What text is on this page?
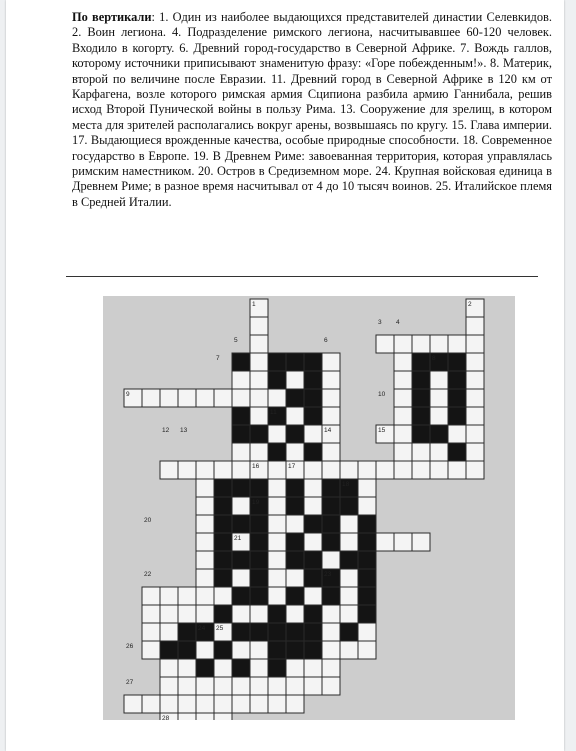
По вертикали: 1. Один из наиболее выдающихся представителей династии Селевкидов. 2. Воин легиона. 4. Подразделение римского легиона, насчитывавшее 60-120 человек. Входило в когорту. 6. Древний город-государство в Северной Африке. 7. Вождь галлов, которому источники приписывают знаменитую фразу: «Горе побежденным!». 8. Материк, второй по величине после Евразии. 11. Древний город в Северной Африке в 120 км от Карфагена, возле которого римская армия Сципиона разбила армию Ганнибала, решив исход Второй Пунической войны в пользу Рима. 13. Сооружение для зрелищ, в котором места для зрителей располагались вокруг арены, возвышаясь по кругу. 15. Глава империи. 17. Выдающиеся врожденные качества, особые природные способности. 18. Современное государство в Европе. 19. В Древнем Риме: завоеванная территория, которая управлялась римским наместником. 20. Остров в Средиземном море. 24. Крупная войсковая единица в Древнем Риме; в разное время насчитывал от 4 до 10 тысяч воинов. 25. Италийское племя в Средней Италии.
1	2
3 4
5	6
7	8
9	10
11
12 13	14	15
16	17
18
19
20
21
22	23
24 25
26
27
28
